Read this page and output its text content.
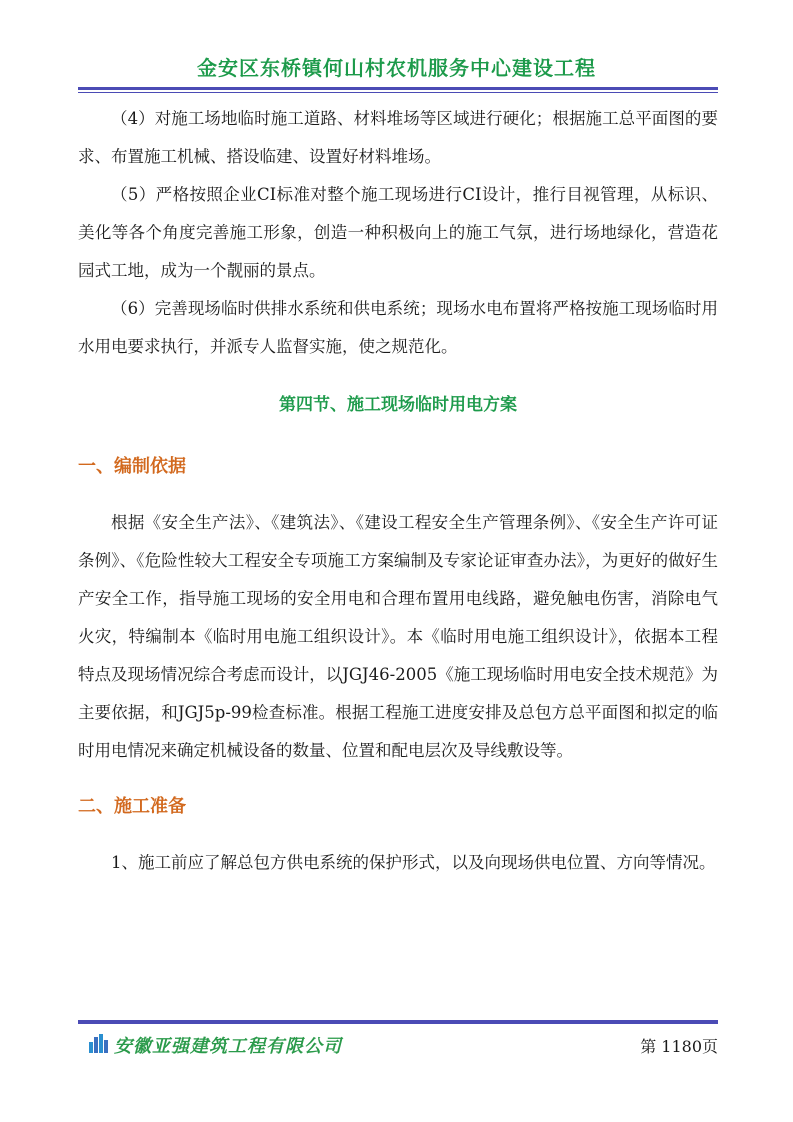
金安区东桥镇何山村农机服务中心建设工程

（4）对施工场地临时施工道路、材料堆场等区域进行硬化；根据施工总平面图的要求、布置施工机械、搭设临建、设置好材料堆场。

（5）严格按照企业CI标准对整个施工现场进行CI设计，推行目视管理，从标识、美化等各个角度完善施工形象，创造一种积极向上的施工气氛，进行场地绿化，营造花园式工地，成为一个靓丽的景点。

（6）完善现场临时供排水系统和供电系统；现场水电布置将严格按施工现场临时用水用电要求执行，并派专人监督实施，使之规范化。

第四节、施工现场临时用电方案

一、编制依据

根据《安全生产法》、《建筑法》、《建设工程安全生产管理条例》、《安全生产许可证条例》、《危险性较大工程安全专项施工方案编制及专家论证审查办法》，为更好的做好生产安全工作，指导施工现场的安全用电和合理布置用电线路，避免触电伤害，消除电气火灾，特编制本《临时用电施工组织设计》。本《临时用电施工组织设计》，依据本工程特点及现场情况综合考虑而设计，以JGJ46-2005《施工现场临时用电安全技术规范》为主要依据，和JGJ5p-99检查标准。根据工程施工进度安排及总包方总平面图和拟定的临时用电情况来确定机械设备的数量、位置和配电层次及导线敷设等。

二、施工准备

1、施工前应了解总包方供电系统的保护形式，以及向现场供电位置、方向等情况。

安徽亚强建筑工程有限公司	第 1180页
